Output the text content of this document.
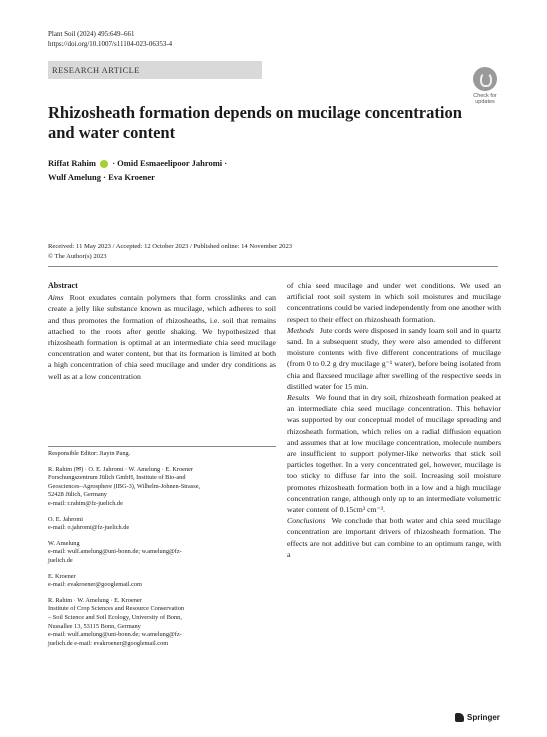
Plant Soil (2024) 495:649–661
https://doi.org/10.1007/s11104-023-06353-4
RESEARCH ARTICLE
Check for updates
Rhizosheath formation depends on mucilage concentration and water content
Riffat Rahim · Omid Esmaeelipoor Jahromi ·
Wulf Amelung · Eva Kroener
Received: 11 May 2023 / Accepted: 12 October 2023 / Published online: 14 November 2023
© The Author(s) 2023
Abstract

Aims Root exudates contain polymers that form crosslinks and can create a jelly like substance known as mucilage, which adheres to soil and thus promotes the formation of rhizosheaths, i.e. soil that remains attached to the roots after gentle shaking. We hypothesized that rhizosheath formation is optimal at an intermediate chia seed mucilage concentration and water content, but that its formation is limited at both a high concentration of chia seed mucilage and under dry conditions as well as at a low concentration

Responsible Editor: Jiayin Pang.
R. Rahim (✉) · O. E. Jahromi · W. Amelung · E. Kroener
Forschungszentrum Jülich GmbH, Institute of Bio-and
Geosciences–Agrosphere (IBG-3), Wilhelm-Johnen-Strasse,
52428 Jülich, Germany
e-mail: r.rahim@fz-juelich.de
O. E. Jahromi
e-mail: o.jahromi@fz-juelich.de
W. Amelung
e-mail: wulf.amelung@uni-bonn.de; w.amelung@fz-
juelich.de
E. Kroener
e-mail: evakroener@googlemail.com
R. Rahim · W. Amelung · E. Kroener
Institute of Crop Sciences and Resource Conservation
– Soil Science and Soil Ecology, University of Bonn,
Nussallee 13, 53115 Bonn, Germany
e-mail: wulf.amelung@uni-bonn.de; w.amelung@fz-
juelich.de e-mail: evakroener@googlemail.com

of chia seed mucilage and under wet conditions. We used an artificial root soil system in which soil moistures and mucilage concentrations could be varied independently from one another with respect to their effect on rhizosheath formation.

Methods Jute cords were disposed in sandy loam soil and in quartz sand. In a subsequent study, they were also amended to different moisture contents with five different concentrations of mucilage (from 0 to 0.2 g dry mucilage g⁻¹ water), before being isolated from chia and flaxseed mucilage after swelling of the respective seeds in distilled water for 15 min.

Results We found that in dry soil, rhizosheath formation peaked at an intermediate chia seed mucilage concentration. This behavior was supported by our conceptual model of mucilage spreading and rhizosheath formation, which relies on a radial diffusion equation and assumes that at low mucilage concentration, molecule numbers are insufficient to support polymer-like networks that stick soil particles together. In a very concentrated gel, however, mucilage is too sticky to diffuse far into the soil. Increasing soil moisture promotes rhizosheath formation both in a low and a high mucilage concentration range, although only up to an intermediate volumetric water content of 0.15cm³ cm⁻³.

Conclusions We conclude that both water and chia seed mucilage concentration are important drivers of rhizosheath formation. The effects are not additive but can combine to an optimum range, with a

Springer
